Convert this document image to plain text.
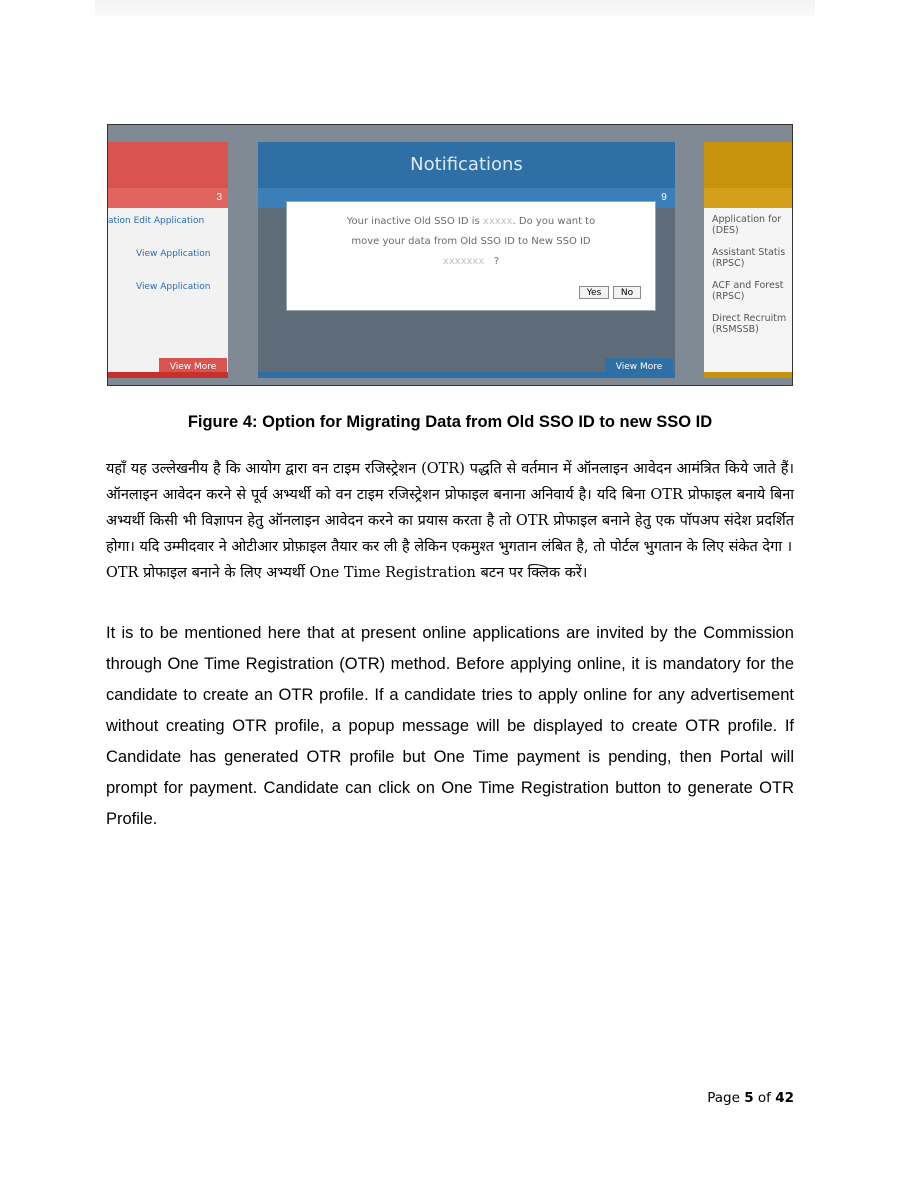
3
ation Edit Application
View Application
View Application
View More
Notifications
View More
9
Your inactive Old SSO ID is xxxxx. Do you want to
move your data from Old SSO ID to New SSO ID
xxxxxxx ?
Yes	No
Application for
(DES)
Assistant Statis
(RPSC)
ACF and Forest
(RPSC)
Direct Recruitm
(RSMSSB)
Figure 4: Option for Migrating Data from Old SSO ID to new SSO ID
यहाँ यह उल्लेखनीय है कि आयोग द्वारा वन टाइम रजिस्ट्रेशन (OTR) पद्धति से वर्तमान में ऑनलाइन आवेदन आमंत्रित किये जाते हैं। ऑनलाइन आवेदन करने से पूर्व अभ्यर्थी को वन टाइम रजिस्ट्रेशन प्रोफाइल बनाना अनिवार्य है। यदि बिना OTR प्रोफाइल बनाये बिना अभ्यर्थी किसी भी विज्ञापन हेतु ऑनलाइन आवेदन करने का प्रयास करता है तो OTR प्रोफाइल बनाने हेतु एक पॉपअप संदेश प्रदर्शित होगा। यदि उम्मीदवार ने ओटीआर प्रोफ़ाइल तैयार कर ली है लेकिन एकमुश्त भुगतान लंबित है, तो पोर्टल भुगतान के लिए संकेत देगा ।
OTR प्रोफाइल बनाने के लिए अभ्यर्थी One Time Registration बटन पर क्लिक करें।
It is to be mentioned here that at present online applications are invited by the Commission through One Time Registration (OTR) method. Before applying online, it is mandatory for the candidate to create an OTR profile. If a candidate tries to apply online for any advertisement without creating OTR profile, a popup message will be displayed to create OTR profile. If Candidate has generated OTR profile but One Time payment is pending, then Portal will prompt for payment. Candidate can click on One Time Registration button to generate OTR Profile.
Page 5 of 42
